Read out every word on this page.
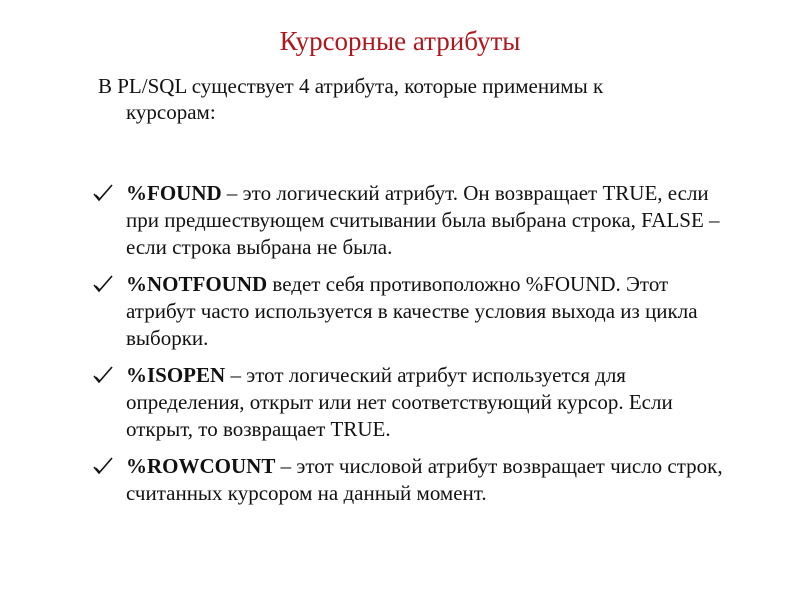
Курсорные атрибуты
В PL/SQL существует 4 атрибута, которые применимы к
курсорам:
%FOUND – это логический атрибут. Он возвращает TRUE, если при предшествующем считывании была выбрана строка, FALSE – если строка выбрана не была.
%NOTFOUND ведет себя противоположно %FOUND. Этот атрибут часто используется в качестве условия выхода из цикла выборки.
%ISOPEN – этот логический атрибут используется для определения, открыт или нет соответствующий курсор. Если открыт, то возвращает TRUE.
%ROWCOUNT – этот числовой атрибут возвращает число строк, считанных курсором на данный момент.
